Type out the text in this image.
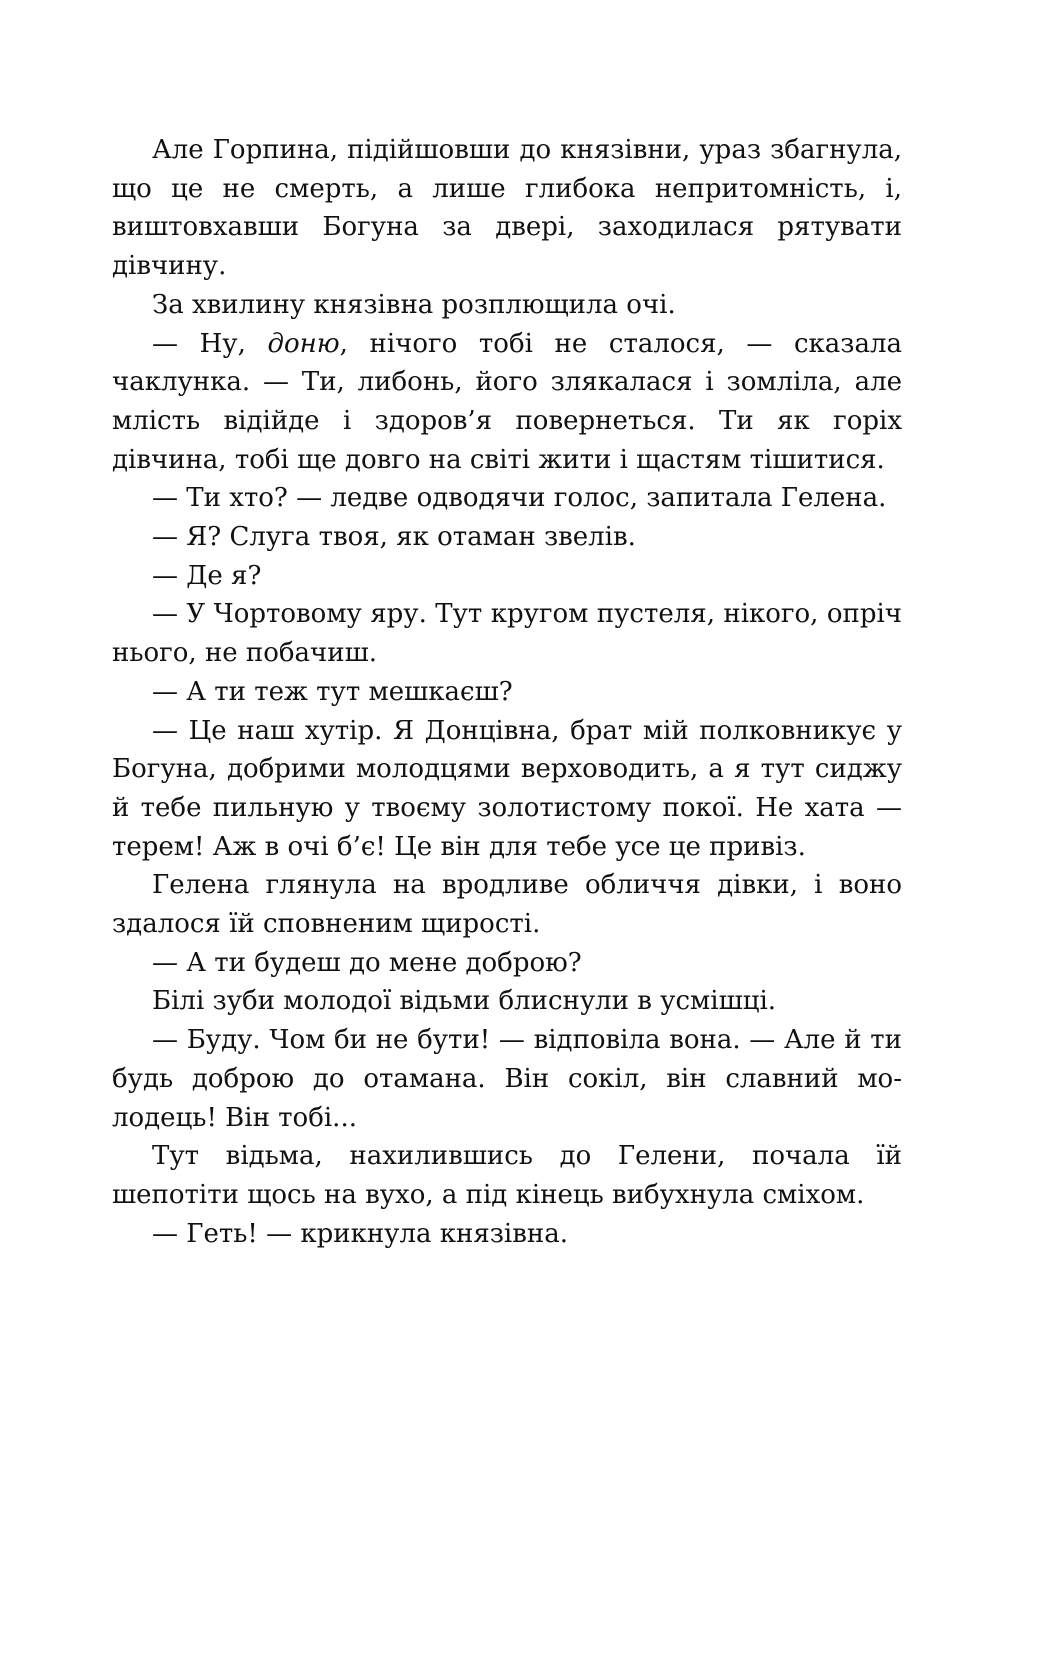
Але Горпина, підійшовши до князівни, ураз збагнула, що це не смерть, а лише глибока непритомність, і, виштовхавши Богуна за двері, заходилася рятувати дівчину.

За хвилину князівна розплющила очі.

— Ну, доню, нічого тобі не сталося, — сказала чаклунка. — Ти, либонь, його злякалася і зомліла, але млість відійде і здоров’я повернеться. Ти як горіх дівчина, тобі ще довго на світі жити і щастям тішитися.

— Ти хто? — ледве одводячи голос, запитала Гелена.

— Я? Слуга твоя, як отаман звелів.

— Де я?

— У Чортовому яру. Тут кругом пустеля, нікого, опріч нього, не побачиш.

— А ти теж тут мешкаєш?

— Це наш хутір. Я Донцівна, брат мій полковникує у Богуна, добрими молодцями верховодить, а я тут сиджу й тебе пильную у твоєму золотистому покої. Не хата — терем! Аж в очі б’є! Це він для тебе усе це привіз.

Гелена глянула на вродливе обличчя дівки, і воно здалося їй сповненим щирості.

— А ти будеш до мене доброю?

Білі зуби молодої відьми блиснули в усмішці.

— Буду. Чом би не бути! — відповіла вона. — Але й ти будь доброю до отамана. Він сокіл, він славний молодець! Він тобі...

Тут відьма, нахилившись до Гелени, почала їй шепотіти щось на вухо, а під кінець вибухнула сміхом.

— Геть! — крикнула князівна.
